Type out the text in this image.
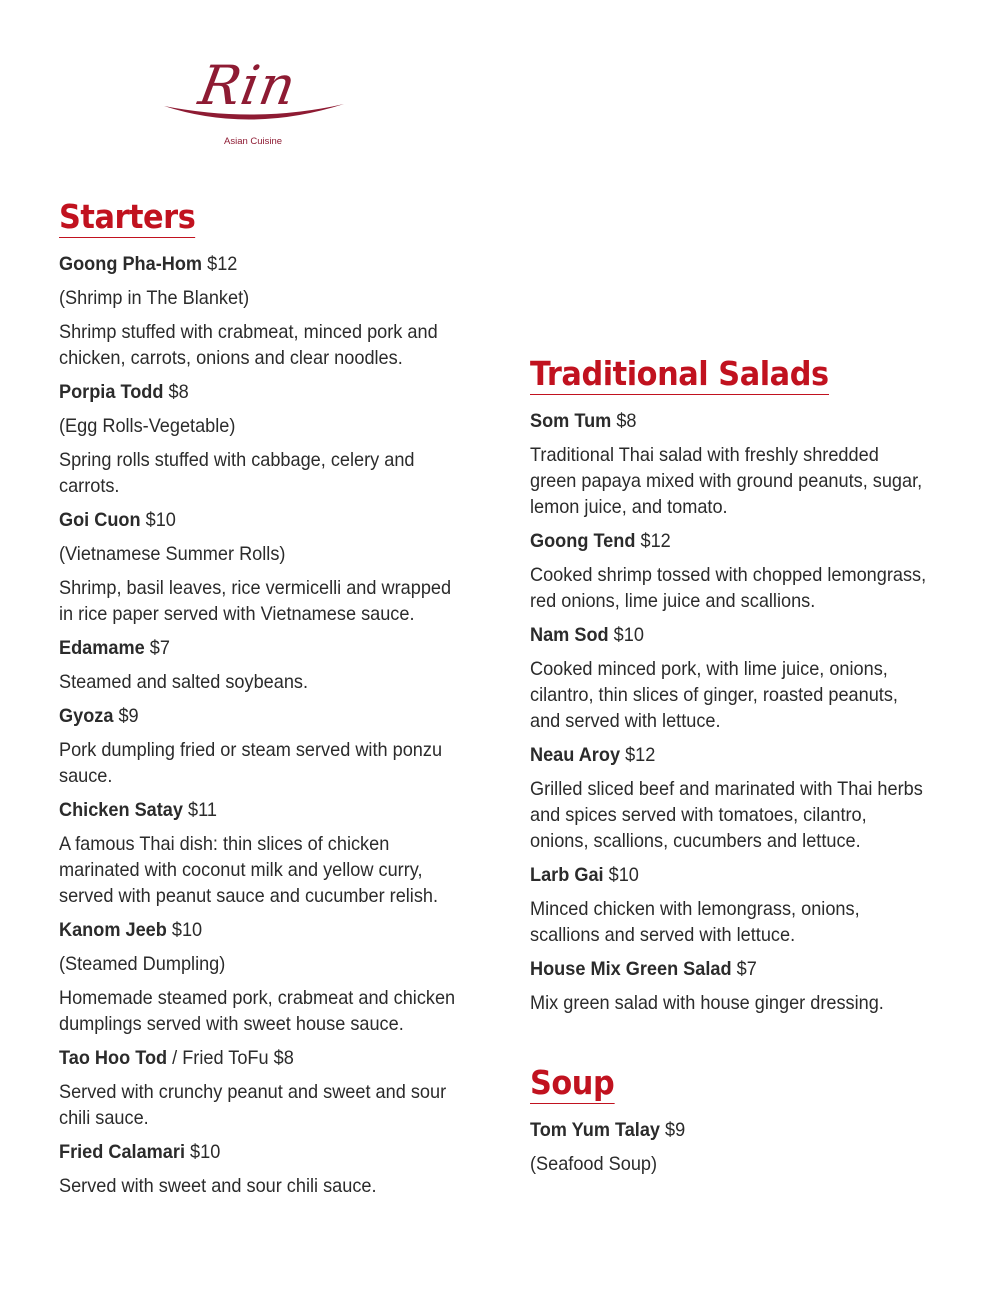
Rin
Asian Cuisine
Starters
Goong Pha-Hom $12
(Shrimp in The Blanket)
Shrimp stuffed with crabmeat, minced pork and
chicken, carrots, onions and clear noodles.
Porpia Todd $8
(Egg Rolls-Vegetable)
Spring rolls stuffed with cabbage, celery and
carrots.
Goi Cuon $10
(Vietnamese Summer Rolls)
Shrimp, basil leaves, rice vermicelli and wrapped
in rice paper served with Vietnamese sauce.
Edamame $7
Steamed and salted soybeans.
Gyoza $9
Pork dumpling fried or steam served with ponzu
sauce.
Chicken Satay $11
A famous Thai dish: thin slices of chicken
marinated with coconut milk and yellow curry,
served with peanut sauce and cucumber relish.
Kanom Jeeb $10
(Steamed Dumpling)
Homemade steamed pork, crabmeat and chicken
dumplings served with sweet house sauce.
Tao Hoo Tod / Fried ToFu $8
Served with crunchy peanut and sweet and sour
chili sauce.
Fried Calamari $10
Served with sweet and sour chili sauce.
Traditional Salads
Som Tum $8
Traditional Thai salad with freshly shredded
green papaya mixed with ground peanuts, sugar,
lemon juice, and tomato.
Goong Tend $12
Cooked shrimp tossed with chopped lemongrass,
red onions, lime juice and scallions.
Nam Sod $10
Cooked minced pork, with lime juice, onions,
cilantro, thin slices of ginger, roasted peanuts,
and served with lettuce.
Neau Aroy $12
Grilled sliced beef and marinated with Thai herbs
and spices served with tomatoes, cilantro,
onions, scallions, cucumbers and lettuce.
Larb Gai $10
Minced chicken with lemongrass, onions,
scallions and served with lettuce.
House Mix Green Salad $7
Mix green salad with house ginger dressing.
Soup
Tom Yum Talay $9
(Seafood Soup)
